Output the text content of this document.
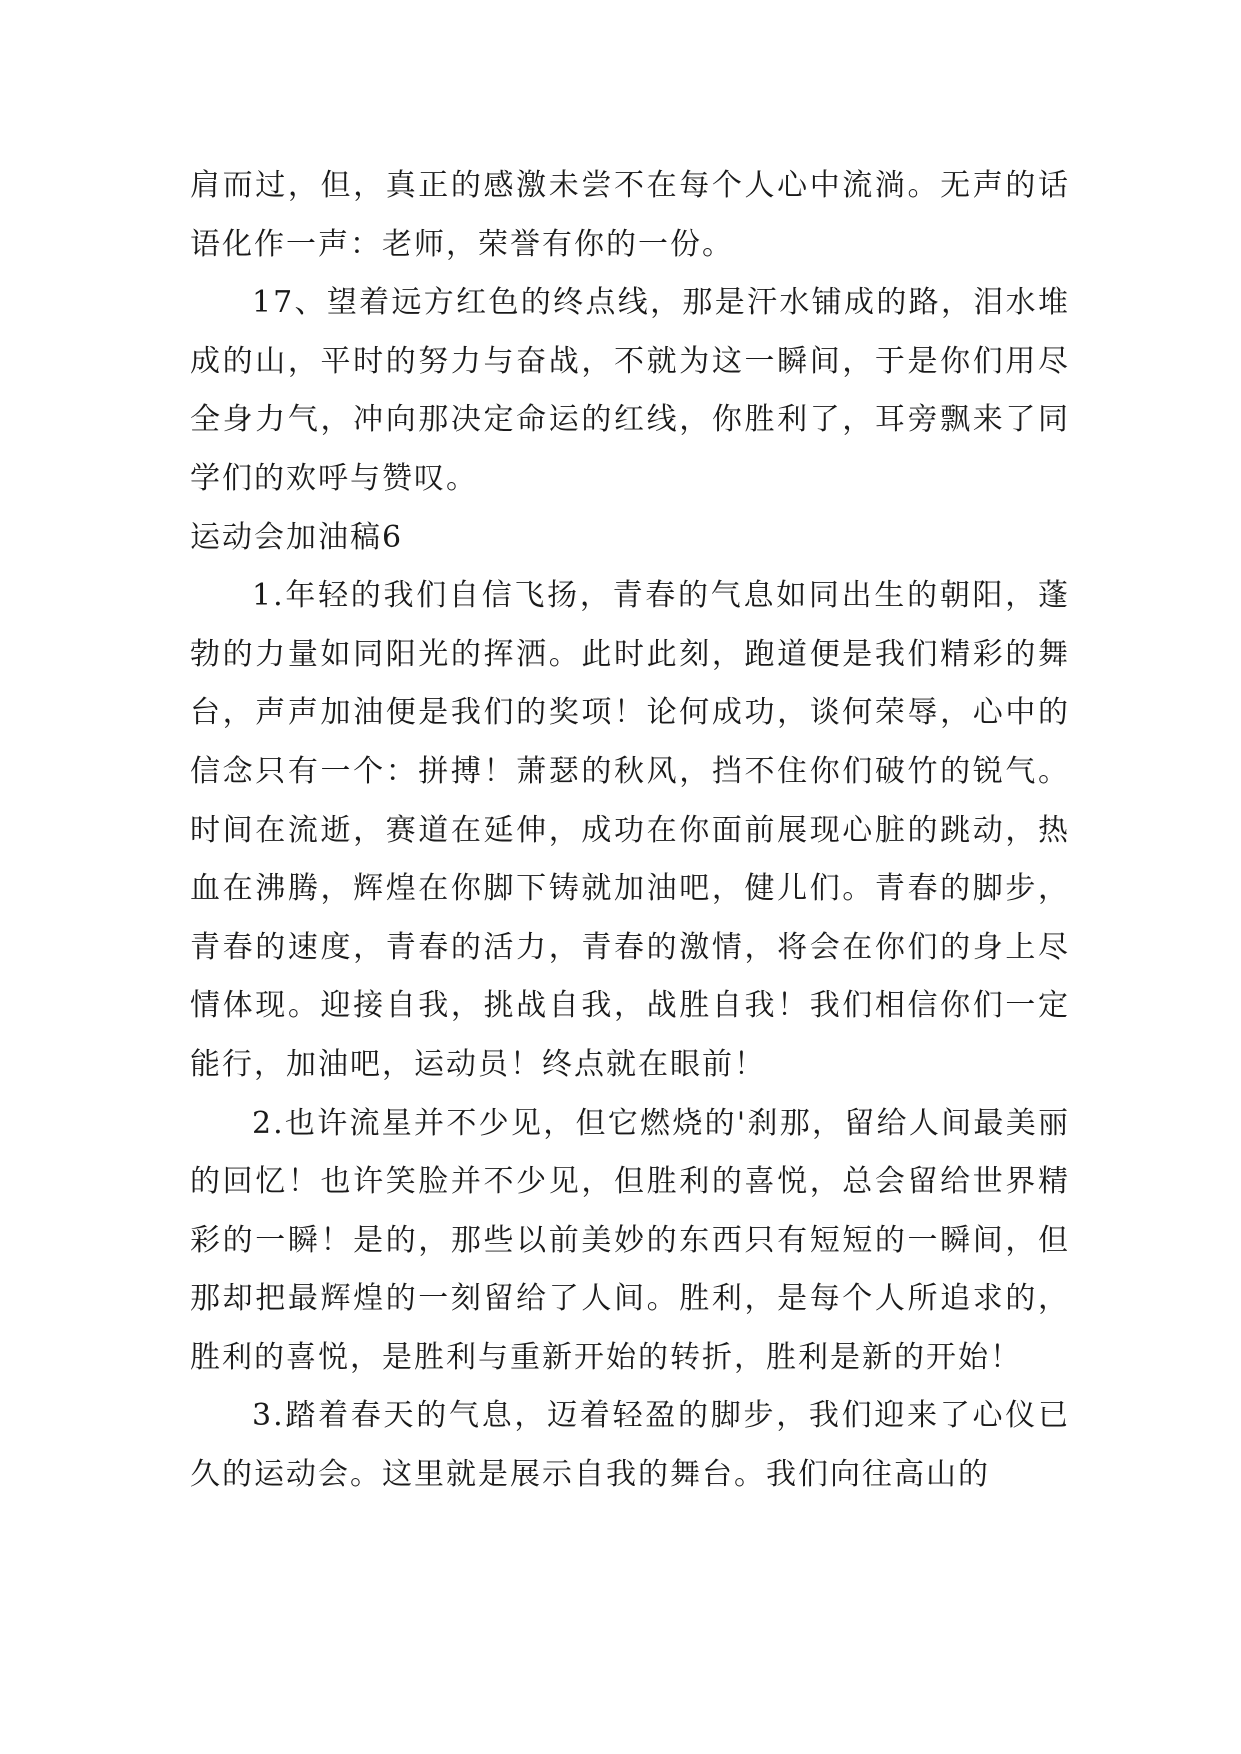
肩而过，但，真正的感激未尝不在每个人心中流淌。无声的话语化作一声：老师，荣誉有你的一份。

17、望着远方红色的终点线，那是汗水铺成的路，泪水堆成的山，平时的努力与奋战，不就为这一瞬间，于是你们用尽全身力气，冲向那决定命运的红线，你胜利了，耳旁飘来了同学们的欢呼与赞叹。

运动会加油稿6

1.年轻的我们自信飞扬，青春的气息如同出生的朝阳，蓬勃的力量如同阳光的挥洒。此时此刻，跑道便是我们精彩的舞台，声声加油便是我们的奖项！论何成功，谈何荣辱，心中的信念只有一个：拼搏！萧瑟的秋风，挡不住你们破竹的锐气。时间在流逝，赛道在延伸，成功在你面前展现心脏的跳动，热血在沸腾，辉煌在你脚下铸就加油吧，健儿们。青春的脚步，青春的速度，青春的活力，青春的激情，将会在你们的身上尽情体现。迎接自我，挑战自我，战胜自我！我们相信你们一定能行，加油吧，运动员！终点就在眼前！

2.也许流星并不少见，但它燃烧的'刹那，留给人间最美丽的回忆！也许笑脸并不少见，但胜利的喜悦，总会留给世界精彩的一瞬！是的，那些以前美妙的东西只有短短的一瞬间，但那却把最辉煌的一刻留给了人间。胜利，是每个人所追求的，胜利的喜悦，是胜利与重新开始的转折，胜利是新的开始！

3.踏着春天的气息，迈着轻盈的脚步，我们迎来了心仪已久的运动会。这里就是展示自我的舞台。我们向往高山的
